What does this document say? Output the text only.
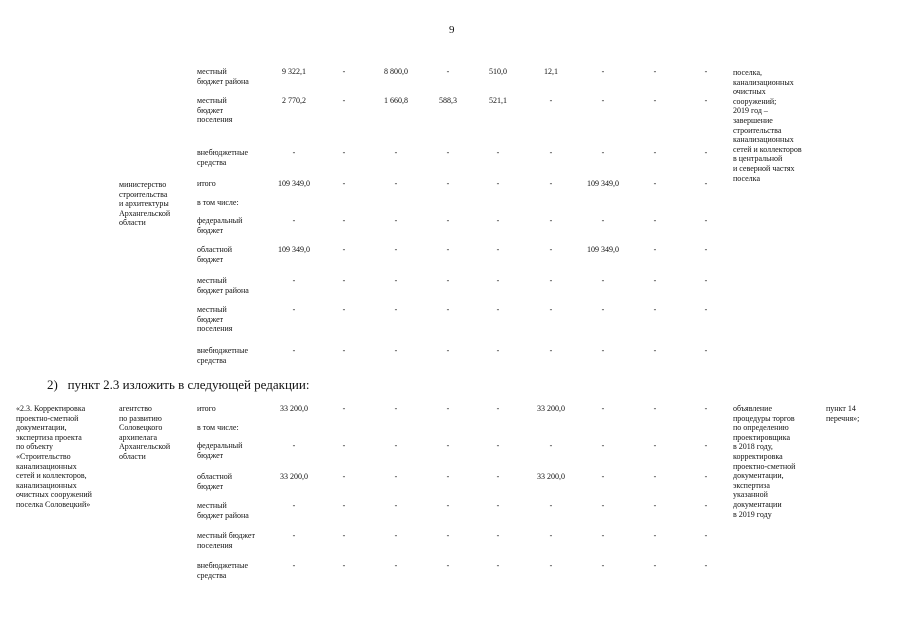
9
министерство
строительства
и архитектуры
Архангельской
области
поселка,
канализационных
очистных
сооружений;
2019 год –
завершение
строительства
канализационных
сетей и коллекторов
в центральной
и северной частях
поселка
местный
бюджет района
9 322,1	-	8 800,0	-	510,0	12,1	-	-	-
местный
бюджет
поселения
2 770,2	-	1 660,8	588,3	521,1	-	-	-	-
внебюджетные
средства
-	-	-	-	-	-	-	-	-
итого	109 349,0	-	-	-	-	-	109 349,0	-	-
в том числе:
федеральный
бюджет
-	-	-	-	-	-	-	-	-
областной
бюджет
109 349,0	-	-	-	-	-	109 349,0	-	-
местный
бюджет района
-	-	-	-	-	-	-	-	-
местный
бюджет
поселения
-	-	-	-	-	-	-	-	-
внебюджетные
средства
-	-	-	-	-	-	-	-	-
2)   пункт 2.3 изложить в следующей редакции:
«2.3. Корректировка
проектно-сметной
документации,
экспертиза проекта
по объекту
«Строительство
канализационных
сетей и коллекторов,
канализационных
очистных сооружений
поселка Соловецкий»
агентство
по развитию
Соловецкого
архипелага
Архангельской
области
объявление
процедуры торгов
по определению
проектировщика
в 2018 году,
корректировка
проектно-сметной
документации,
экспертиза
указанной
документации
в 2019 году
пункт 14
перечня»;
итого	33 200,0	-	-	-	-	33 200,0	-	-	-
в том числе:
федеральный
бюджет
-	-	-	-	-	-	-	-	-
областной
бюджет
33 200,0	-	-	-	-	33 200,0	-	-	-
местный
бюджет района
-	-	-	-	-	-	-	-	-
местный бюджет
поселения
-	-	-	-	-	-	-	-	-
внебюджетные
средства
-	-	-	-	-	-	-	-	-
